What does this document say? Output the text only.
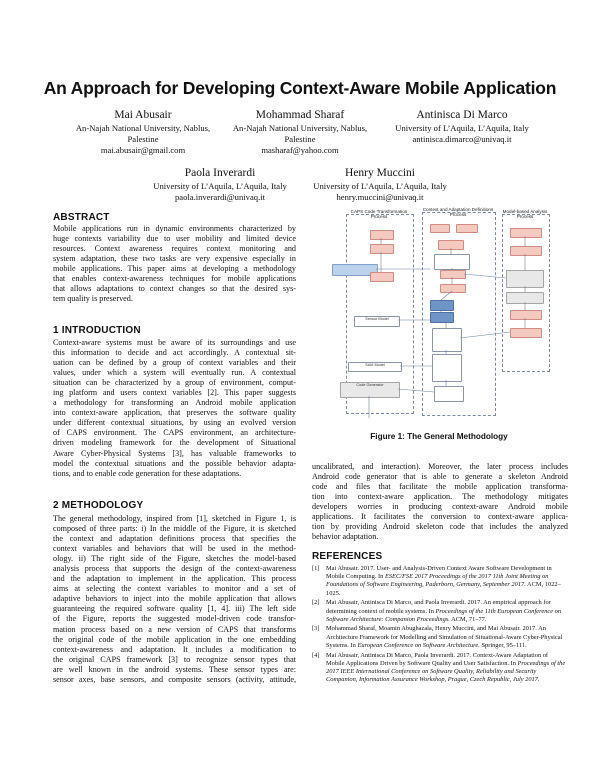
An Approach for Developing Context-Aware Mobile Application
Mai Abusair
An-Najah National University, Nablus,
Palestine
mai.abusair@gmail.com
Mohammad Sharaf
An-Najah National University, Nablus,
Palestine
masharaf@yahoo.com
Antinisca Di Marco
University of L’Aquila, L’Aquila, Italy
antinisca.dimarco@univaq.it
Paola Inverardi
University of L’Aquila, L’Aquila, Italy
paola.inverardi@univaq.it
Henry Muccini
University of L’Aquila, L’Aquila, Italy
henry.muccini@univaq.it
ABSTRACT
Mobile applications run in dynamic environments characterized by
huge contexts variability due to user mobility and limited device
resources. Context awareness requires context monitoring and
system adaptation, these two tasks are very expensive especially in
mobile applications. This paper aims at developing a methodology
that enables context-awareness techniques for mobile applications
that allows adaptations to context changes so that the desired sys-
tem quality is preserved.
1 INTRODUCTION
Context-aware systems must be aware of its surroundings and use
this information to decide and act accordingly. A contextual sit-
uation can be defined by a group of context variables and their
values, under which a system will eventually run. A contextual
situation can be characterized by a group of environment, comput-
ing platform and users context variables [2]. This paper suggests
a methodology for transforming an Android mobile application
into context-aware application, that preserves the software quality
under different contextual situations, by using an evolved version
of CAPS environment. The CAPS environment, an architecture-
driven modeling framework for the development of Situational
Aware Cyber-Physical Systems [3], has valuable frameworks to
model the contextual situations and the possible behavior adapta-
tions, and to enable code generation for these adaptations.
2 METHODOLOGY
The general methodology, inspired from [1], sketched in Figure 1, is
composed of three parts: i) In the middle of the Figure, it is sketched
the context and adaptation definitions process that specifies the
context variables and behaviors that will be used in the method-
ology. ii) The right side of the Figure, sketches the model-based
analysis process that supports the design of the context-awareness
and the adaptation to implement in the application. This process
aims at selecting the context variables to monitor and a set of
adaptive behaviors to inject into the mobile application that allows
guaranteeing the required software quality [1, 4]. iii) The left side
of the Figure, reports the suggested model-driven code transfor-
mation process based on a new version of CAPS that transforms
the original code of the mobile application in the one embedding
context-awareness and adaptation. It includes a modification to
the original CAPS framework [3] to recognize sensor types that
are well known in the android systems. These sensor types are:
sensor axes, base sensors, and composite sensors (activity, attitude,
CAPS Code Transformation Process
Context and Adaptation Definitions Process
Model-based Analysis Process
Sensor Model
SAM Model
Code Generator
Figure 1: The General Methodology
uncalibrated, and interaction). Moreover, the later process includes
Android code generator that is able to generate a skeleton Android
code and files that facilitate the mobile application transforma-
tion into context-aware application. The methodology mitigates
developers worries in producing context-aware Android mobile
applications. It facilitates the conversion to context-aware applica-
tion by providing Android skeleton code that includes the analyzed
behavior adaptation.
REFERENCES
[1] Mai Abusair. 2017. User- and Analysis-Driven Context Aware Software Development in Mobile Computing. In ESEC/FSE 2017 Proceedings of the 2017 11th Joint Meeting on Foundations of Software Engineering, Paderborn, Germany, September 2017. ACM, 1022–1025.
[2] Mai Abusair, Antinisca Di Marco, and Paola Inverardi. 2017. An empirical approach for determining context of mobile systems. In Proceedings of the 11th European Conference on Software Architecture: Companion Proceedings. ACM, 71–77.
[3] Mohammad Sharaf, Moamin Abughazala, Henry Muccini, and Mai Abusair. 2017. An Architecture Framework for Modelling and Simulation of Situational-Aware Cyber-Physical Systems. In European Conference on Software Architecture. Springer, 95–111.
[4] Mai Abusair, Antinisca Di Marco, Paola Inverardi. 2017. Context-Aware Adaptation of Mobile Applications Driven by Software Quality and User Satisfaction. In Proceedings of the 2017 IEEE International Conference on Software Quality, Reliability and Security Companion, Information Assurance Workshop, Prague, Czech Republic, July 2017.
